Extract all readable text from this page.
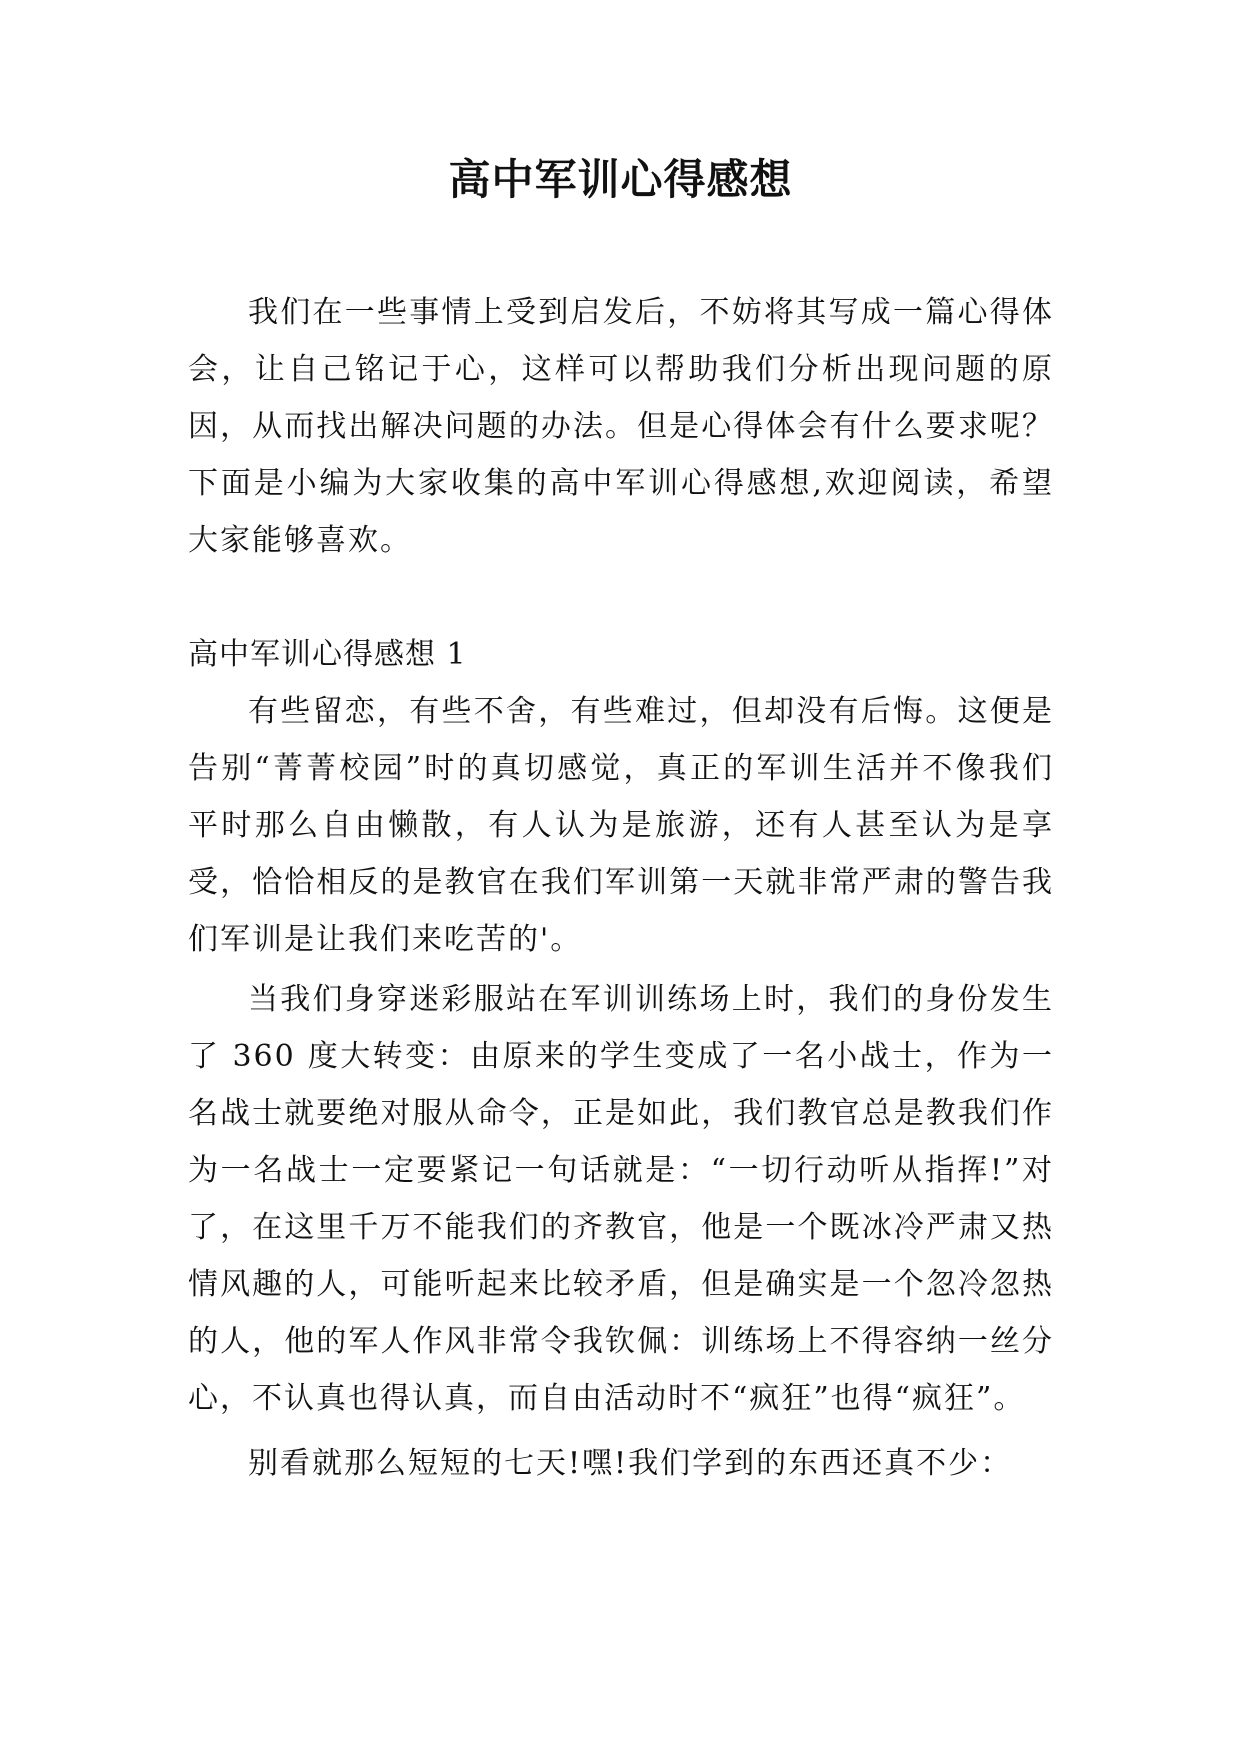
高中军训心得感想

我们在一些事情上受到启发后，不妨将其写成一篇心得体会，让自己铭记于心，这样可以帮助我们分析出现问题的原因，从而找出解决问题的办法。但是心得体会有什么要求呢？下面是小编为大家收集的高中军训心得感想,欢迎阅读，希望大家能够喜欢。

高中军训心得感想 1

有些留恋，有些不舍，有些难过，但却没有后悔。这便是告别“菁菁校园”时的真切感觉，真正的军训生活并不像我们平时那么自由懒散，有人认为是旅游，还有人甚至认为是享受，恰恰相反的是教官在我们军训第一天就非常严肃的警告我们军训是让我们来吃苦的'。

当我们身穿迷彩服站在军训训练场上时，我们的身份发生了 360 度大转变：由原来的学生变成了一名小战士，作为一名战士就要绝对服从命令，正是如此，我们教官总是教我们作为一名战士一定要紧记一句话就是：“一切行动听从指挥!”对了，在这里千万不能我们的齐教官，他是一个既冰冷严肃又热情风趣的人，可能听起来比较矛盾，但是确实是一个忽冷忽热的人，他的军人作风非常令我钦佩：训练场上不得容纳一丝分心，不认真也得认真，而自由活动时不“疯狂”也得“疯狂”。

别看就那么短短的七天!嘿!我们学到的东西还真不少：
